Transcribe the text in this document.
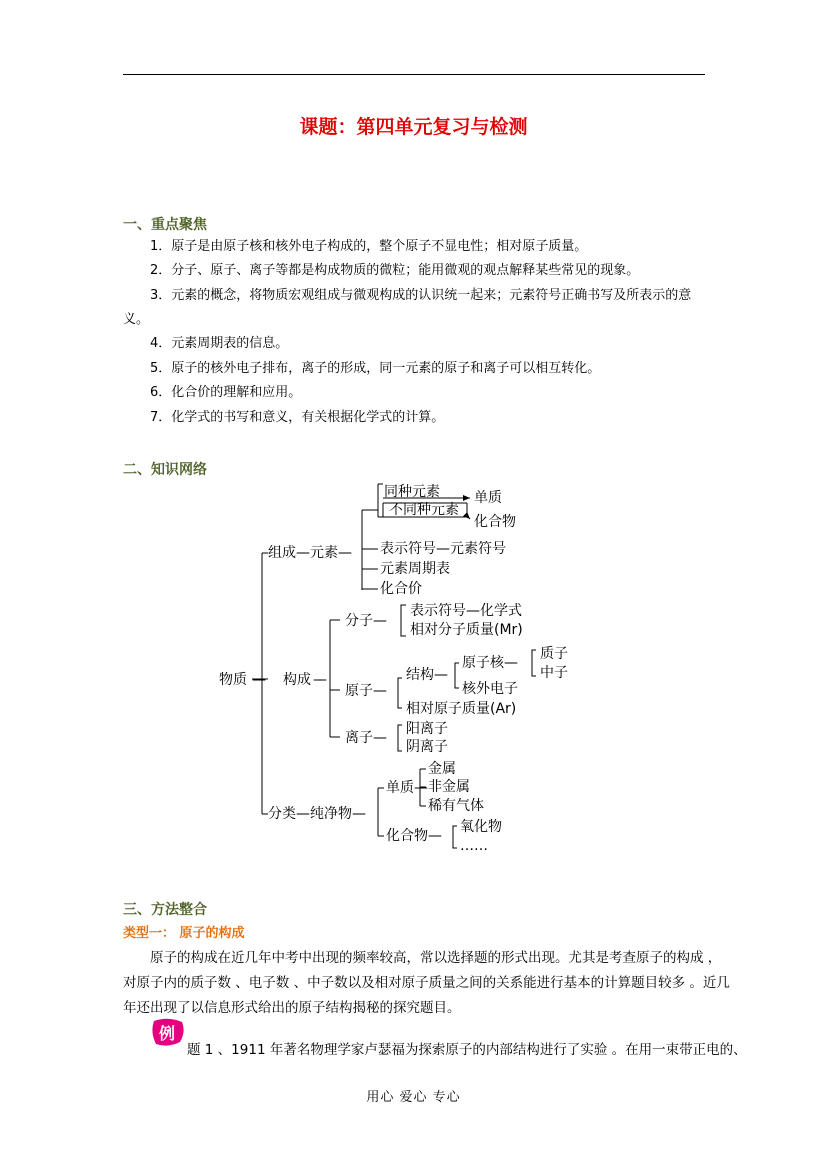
课题：第四单元复习与检测
一、重点聚焦
1．原子是由原子核和核外电子构成的，整个原子不显电性；相对原子质量。
2．分子、原子、离子等都是构成物质的微粒；能用微观的观点解释某些常见的现象。
3．元素的概念，将物质宏观组成与微观构成的认识统一起来；元素符号正确书写及所表示的意
义。
4．元素周期表的信息。
5．原子的核外电子排布，离子的形成，同一元素的原子和离子可以相互转化。
6．化合价的理解和应用。
7．化学式的书写和意义，有关根据化学式的计算。
二、知识网络
物质 — 构成 —
组成—元素—
同种元素
不同种元素
单质
化合物
表示符号—元素符号
元素周期表
化合价
分子—
表示符号—化学式
相对分子质量(Mr)
原子—
结构—
原子核—
质子
中子
核外电子
相对原子质量(Ar)
离子—
阳离子
阴离子
分类—纯净物—
单质—
金属
非金属
稀有气体
化合物—
氧化物
……
三、方法整合
类型一： 原子的构成
原子的构成在近几年中考中出现的频率较高，常以选择题的形式出现。尤其是考查原子的构成 ，
对原子内的质子数 、电子数 、中子数以及相对原子质量之间的关系能进行基本的计算题目较多 。近几
年还出现了以信息形式给出的原子结构揭秘的探究题目。
例
题 1 、1911 年著名物理学家卢瑟福为探索原子的内部结构进行了实验 。在用一束带正电的、
用心 爱心 专心
